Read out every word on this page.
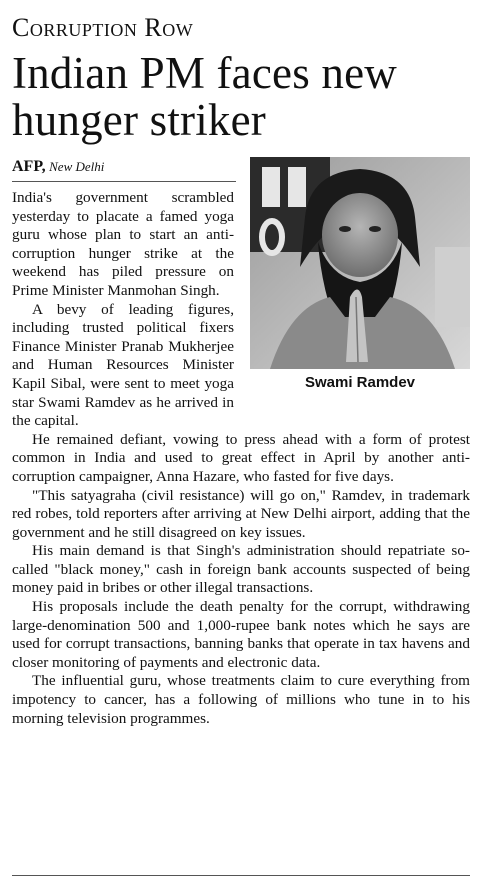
Corruption Row
Indian PM faces new hunger striker
AFP, New Delhi

India's government scrambled yesterday to placate a famed yoga guru whose plan to start an anti-corruption hunger strike at the weekend has piled pressure on Prime Minister Manmohan Singh.

A bevy of leading figures, including trusted political fixers Finance Minister Pranab Mukherjee and Human Resources Minister Kapil Sibal, were sent to meet yoga star Swami Ramdev as he arrived in the capital.

He remained defiant, vowing to press ahead with a form of protest common in India and used to great effect in April by another anti-corruption campaigner, Anna Hazare, who fasted for five days.

"This satyagraha (civil resistance) will go on," Ramdev, in trademark red robes, told reporters after arriving at New Delhi airport, adding that the government and he still disagreed on key issues.

His main demand is that Singh's administration should repatriate so-called "black money," cash in foreign bank accounts suspected of being money paid in bribes or other illegal transactions.

His proposals include the death penalty for the corrupt, withdrawing large-denomination 500 and 1,000-rupee bank notes which he says are used for corrupt transactions, banning banks that operate in tax havens and closer monitoring of payments and electronic data.

The influential guru, whose treatments claim to cure everything from impotency to cancer, has a following of millions who tune in to his morning television programmes.

Swami Ramdev
